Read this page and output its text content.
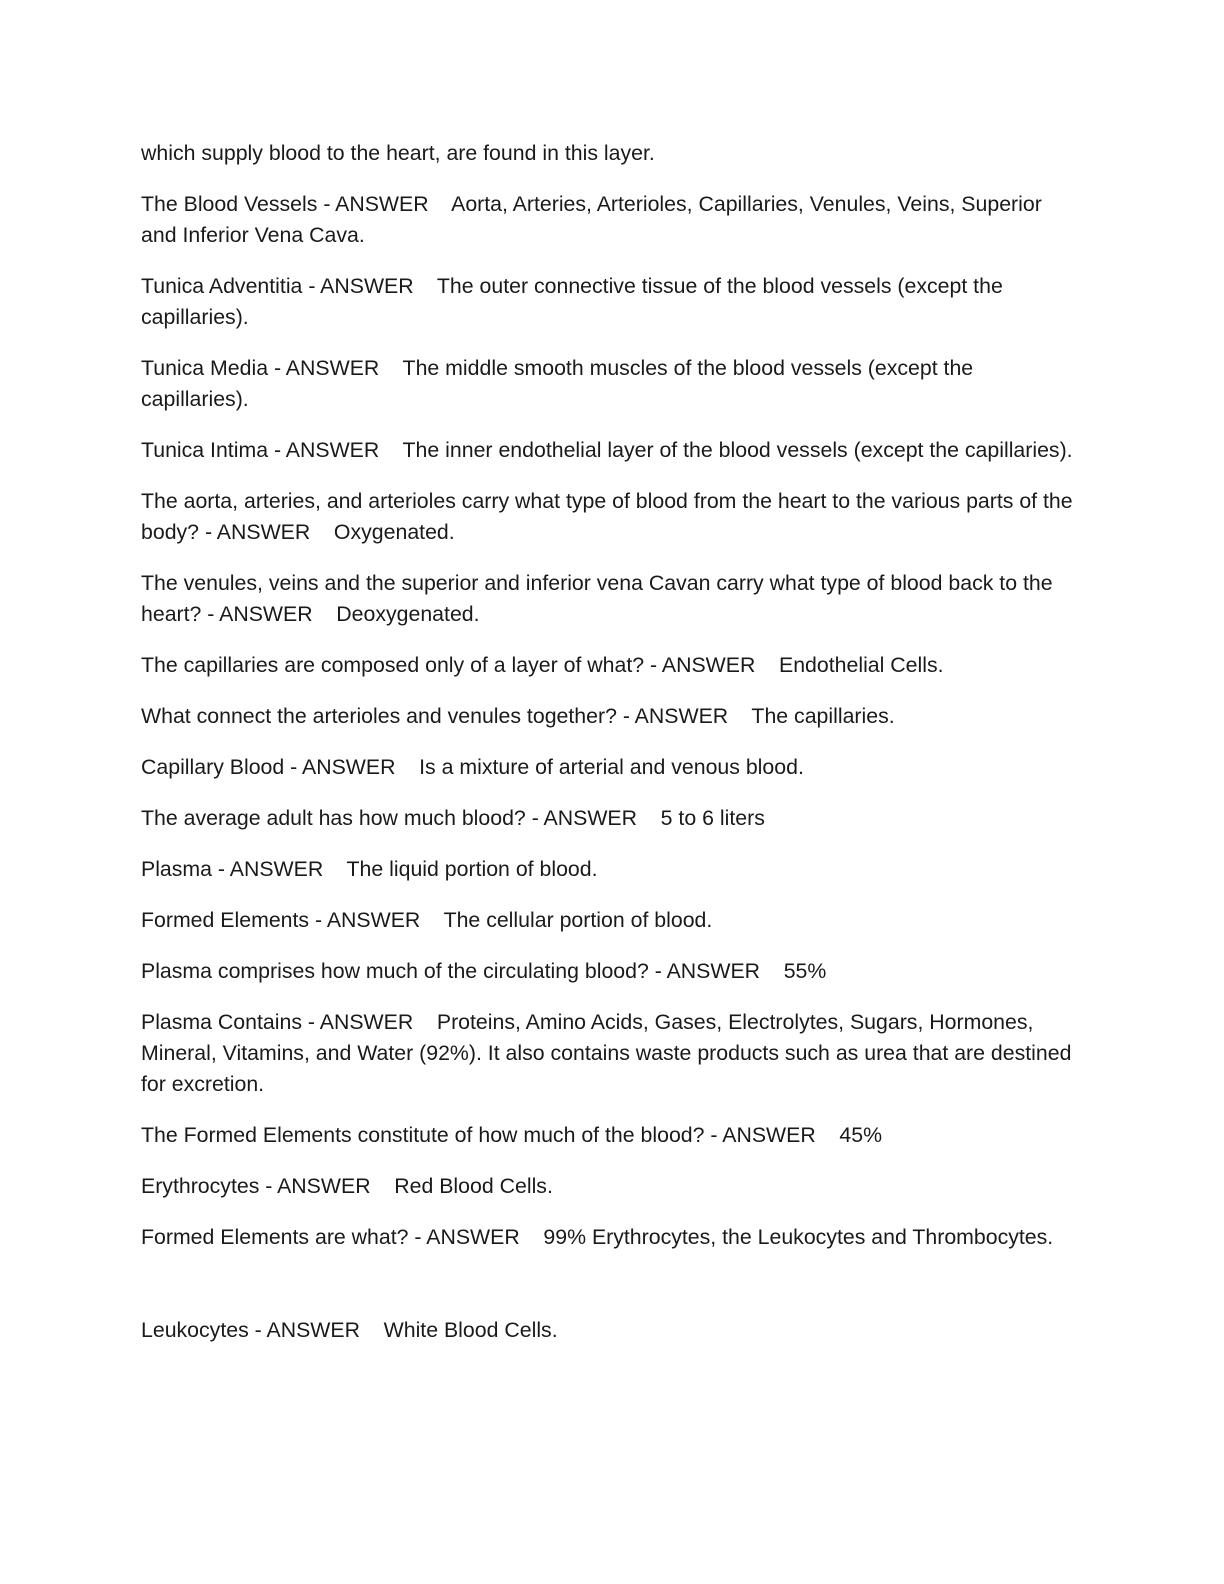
which supply blood to the heart, are found in this layer.

The Blood Vessels - ANSWER    Aorta, Arteries, Arterioles, Capillaries, Venules, Veins, Superior and Inferior Vena Cava.

Tunica Adventitia - ANSWER    The outer connective tissue of the blood vessels (except the capillaries).

Tunica Media - ANSWER    The middle smooth muscles of the blood vessels (except the capillaries).

Tunica Intima - ANSWER    The inner endothelial layer of the blood vessels (except the capillaries).

The aorta, arteries, and arterioles carry what type of blood from the heart to the various parts of the body? - ANSWER    Oxygenated.

The venules, veins and the superior and inferior vena Cavan carry what type of blood back to the heart? - ANSWER    Deoxygenated.

The capillaries are composed only of a layer of what? - ANSWER    Endothelial Cells.

What connect the arterioles and venules together? - ANSWER    The capillaries.

Capillary Blood - ANSWER    Is a mixture of arterial and venous blood.

The average adult has how much blood? - ANSWER    5 to 6 liters

Plasma - ANSWER    The liquid portion of blood.

Formed Elements - ANSWER    The cellular portion of blood.

Plasma comprises how much of the circulating blood? - ANSWER    55%

Plasma Contains - ANSWER    Proteins, Amino Acids, Gases, Electrolytes, Sugars, Hormones, Mineral, Vitamins, and Water (92%). It also contains waste products such as urea that are destined for excretion.

The Formed Elements constitute of how much of the blood? - ANSWER    45%

Erythrocytes - ANSWER    Red Blood Cells.

Formed Elements are what? - ANSWER    99% Erythrocytes, the Leukocytes and Thrombocytes.

Leukocytes - ANSWER    White Blood Cells.
